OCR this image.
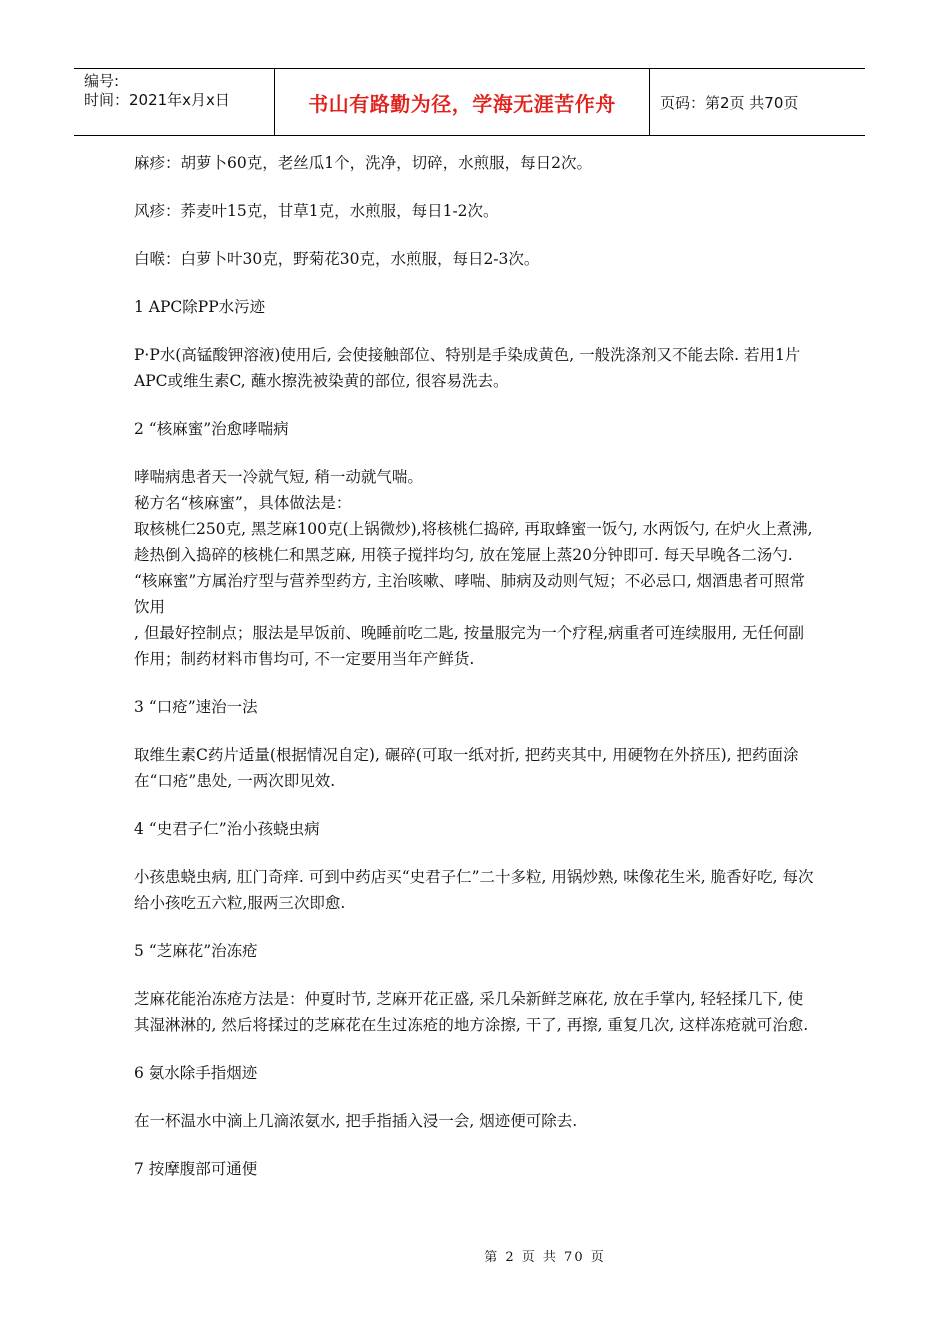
编号:
时间：2021年x月x日	书山有路勤为径，学海无涯苦作舟	页码：第2页 共70页

麻疹：胡萝卜60克，老丝瓜1个，洗净，切碎，水煎服，每日2次。

风疹：荞麦叶15克，甘草1克，水煎服，每日1-2次。

白喉：白萝卜叶30克，野菊花30克，水煎服，每日2-3次。

1 APC除PP水污迹

P·P水(高锰酸钾溶液)使用后, 会使接触部位、特别是手染成黄色, 一般洗涤剂又不能去除. 若用1片APC或维生素C, 蘸水擦洗被染黄的部位, 很容易洗去。

2 “核麻蜜”治愈哮喘病

哮喘病患者天一冷就气短, 稍一动就气喘。

秘方名“核麻蜜”，具体做法是：

取核桃仁250克, 黑芝麻100克(上锅微炒),将核桃仁捣碎, 再取蜂蜜一饭勺, 水两饭勺, 在炉火上煮沸, 趁热倒入捣碎的核桃仁和黑芝麻, 用筷子搅拌均匀, 放在笼屉上蒸20分钟即可. 每天早晚各二汤勺. “核麻蜜”方属治疗型与营养型药方, 主治咳嗽、哮喘、肺病及动则气短；不必忌口, 烟酒患者可照常饮用

, 但最好控制点；服法是早饭前、晚睡前吃二匙, 按量服完为一个疗程,病重者可连续服用, 无任何副作用；制药材料市售均可, 不一定要用当年产鲜货.

3 “口疮”速治一法

取维生素C药片适量(根据情况自定), 碾碎(可取一纸对折, 把药夹其中, 用硬物在外挤压), 把药面涂在“口疮”患处, 一两次即见效.

4 “史君子仁”治小孩蛲虫病

小孩患蛲虫病, 肛门奇痒. 可到中药店买“史君子仁”二十多粒, 用锅炒熟, 味像花生米, 脆香好吃, 每次给小孩吃五六粒,服两三次即愈.

5 “芝麻花”治冻疮

芝麻花能治冻疮方法是：仲夏时节, 芝麻开花正盛, 采几朵新鲜芝麻花, 放在手掌内, 轻轻揉几下, 使其湿淋淋的, 然后将揉过的芝麻花在生过冻疮的地方涂擦, 干了, 再擦, 重复几次, 这样冻疮就可治愈.

6 氨水除手指烟迹

在一杯温水中滴上几滴浓氨水, 把手指插入浸一会, 烟迹便可除去.

7 按摩腹部可通便

第 2 页 共 70 页
